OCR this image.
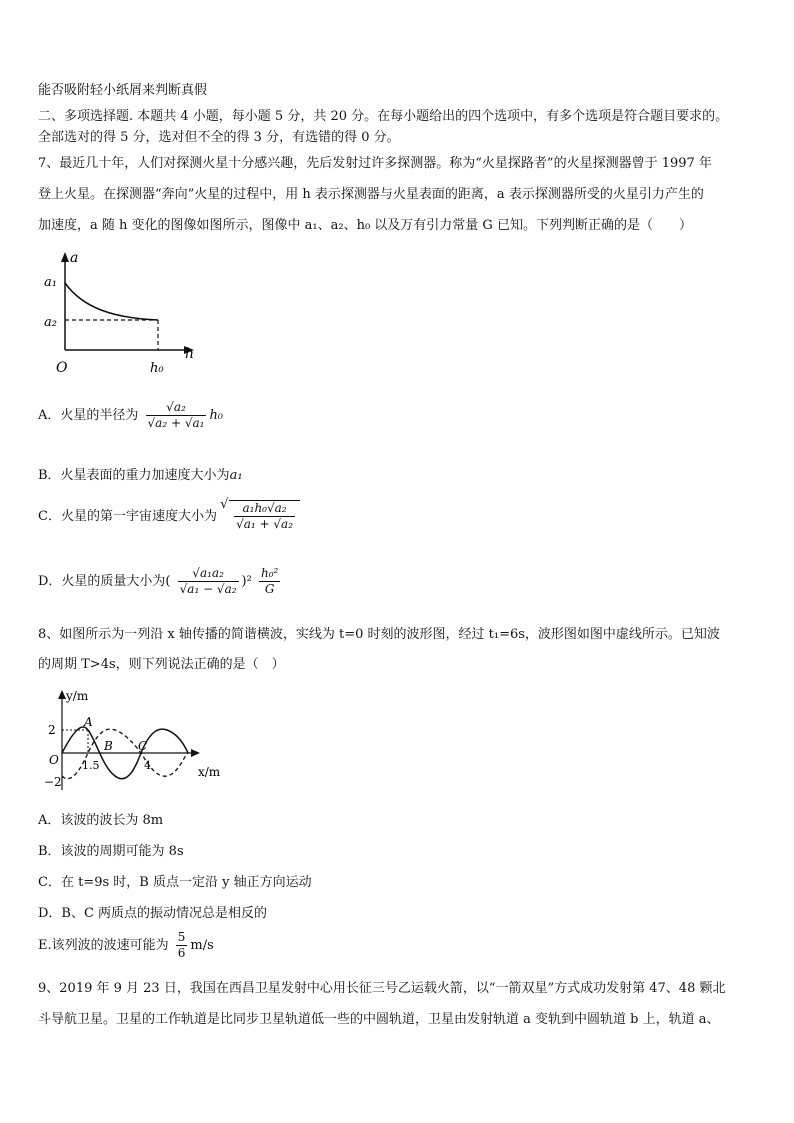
能否吸附轻小纸屑来判断真假
二、多项选择题. 本题共 4 小题，每小题 5 分，共 20 分。在每小题给出的四个选项中，有多个选项是符合题目要求的。
全部选对的得 5 分，选对但不全的得 3 分，有选错的得 0 分。
7、最近几十年，人们对探测火星十分感兴趣，先后发射过许多探测器。称为“火星探路者”的火星探测器曾于 1997 年
登上火星。在探测器“奔向”火星的过程中，用 h 表示探测器与火星表面的距离，a 表示探测器所受的火星引力产生的
加速度，a 随 h 变化的图像如图所示，图像中 a₁、a₂、h₀ 以及万有引力常量 G 已知。下列判断正确的是（　　）
a
h
O
a₁
a₂
h₀
A．火星的半径为 $\frac{\text{√a₂}}{\text{√a₂ + √a₁}} h_0$
B．火星表面的重力加速度大小为a₁
C．火星的第一宇宙速度大小为
√ $\frac{\text{a₁h₀√a₂}}{\text{√a₁ + √a₂}}$
D．火星的质量大小为( $\frac{\text{√a₁a₂}}{\text{√a₁ − √a₂}} )^2 \frac{\text{h₀²}}{G}$
8、如图所示为一列沿 x 轴传播的简谐横波，实线为 t=0 时刻的波形图，经过 t₁=6s，波形图如图中虚线所示。已知波
的周期 T>4s，则下列说法正确的是（　）
y/m
x/m
O
2
−2
1.5	4
A
B C
A．该波的波长为 8m
B．该波的周期可能为 8s
C．在 t=9s 时，B 质点一定沿 y 轴正方向运动
D．B、C 两质点的振动情况总是相反的
E.该列波的波速可能为 $\frac{5}{6} m/s$
9、2019 年 9 月 23 日，我国在西昌卫星发射中心用长征三号乙运载火箭，以“一箭双星”方式成功发射第 47、48 颗北
斗导航卫星。卫星的工作轨道是比同步卫星轨道低一些的中圆轨道，卫星由发射轨道 a 变轨到中圆轨道 b 上，轨道 a、
